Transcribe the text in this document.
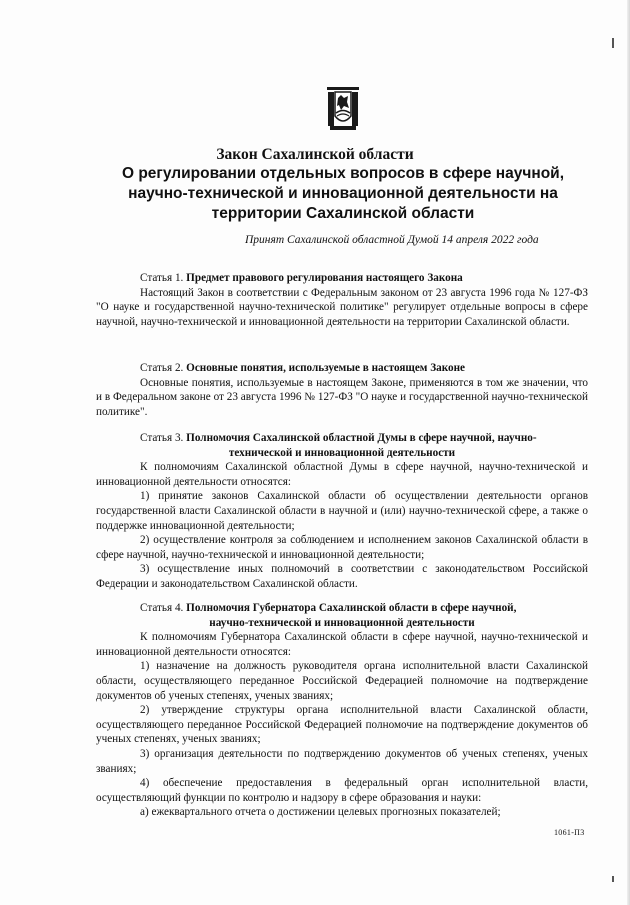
Закон Сахалинской области
О регулировании отдельных вопросов в сфере научной, научно-технической и инновационной деятельности на территории Сахалинской области
Принят Сахалинской областной Думой 14 апреля 2022 года

Статья 1. Предмет правового регулирования настоящего Закона

Настоящий Закон в соответствии с Федеральным законом от 23 августа 1996 года № 127-ФЗ "О науке и государственной научно-технической политике" регулирует отдельные вопросы в сфере научной, научно-технической и инновационной деятельности на территории Сахалинской области.

Статья 2. Основные понятия, используемые в настоящем Законе

Основные понятия, используемые в настоящем Законе, применяются в том же значении, что и в Федеральном законе от 23 августа 1996 № 127-ФЗ "О науке и государственной научно-технической политике".

Статья 3. Полномочия Сахалинской областной Думы в сфере научной, научно-

технической и инновационной деятельности

К полномочиям Сахалинской областной Думы в сфере научной, научно-технической и инновационной деятельности относятся:

1) принятие законов Сахалинской области об осуществлении деятельности органов государственной власти Сахалинской области в научной и (или) научно-технической сфере, а также о поддержке инновационной деятельности;

2) осуществление контроля за соблюдением и исполнением законов Сахалинской области в сфере научной, научно-технической и инновационной деятельности;

3) осуществление иных полномочий в соответствии с законодательством Российской Федерации и законодательством Сахалинской области.

Статья 4. Полномочия Губернатора Сахалинской области в сфере научной,

научно-технической и инновационной деятельности

К полномочиям Губернатора Сахалинской области в сфере научной, научно-технической и инновационной деятельности относятся:

1) назначение на должность руководителя органа исполнительной власти Сахалинской области, осуществляющего переданное Российской Федерацией полномочие на подтверждение документов об ученых степенях, ученых званиях;

2) утверждение структуры органа исполнительной власти Сахалинской области, осуществляющего переданное Российской Федерацией полномочие на подтверждение документов об ученых степенях, ученых званиях;

3) организация деятельности по подтверждению документов об ученых степенях, ученых званиях;

4) обеспечение предоставления в федеральный орган исполнительной власти, осуществляющий функции по контролю и надзору в сфере образования и науки:

а) ежеквартального отчета о достижении целевых прогнозных показателей;

1061-П3
